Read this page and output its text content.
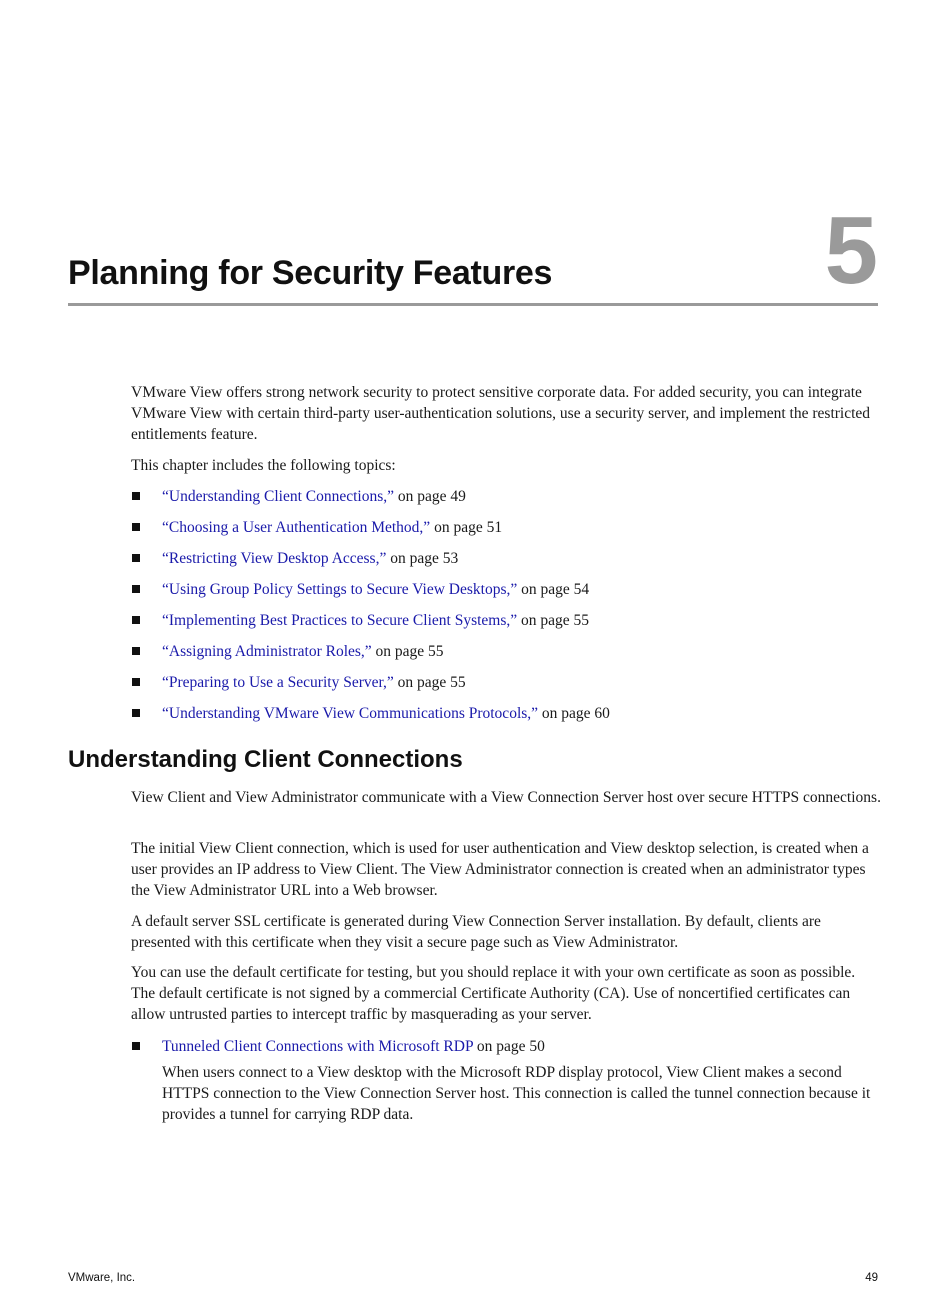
Planning for Security Features	5

VMware View offers strong network security to protect sensitive corporate data. For added security, you can integrate VMware View with certain third-party user-authentication solutions, use a security server, and implement the restricted entitlements feature.

This chapter includes the following topics:

“Understanding Client Connections,” on page 49
“Choosing a User Authentication Method,” on page 51
“Restricting View Desktop Access,” on page 53
“Using Group Policy Settings to Secure View Desktops,” on page 54
“Implementing Best Practices to Secure Client Systems,” on page 55
“Assigning Administrator Roles,” on page 55
“Preparing to Use a Security Server,” on page 55
“Understanding VMware View Communications Protocols,” on page 60
Understanding Client Connections

View Client and View Administrator communicate with a View Connection Server host over secure HTTPS connections.

The initial View Client connection, which is used for user authentication and View desktop selection, is created when a user provides an IP address to View Client. The View Administrator connection is created when an administrator types the View Administrator URL into a Web browser.

A default server SSL certificate is generated during View Connection Server installation. By default, clients are presented with this certificate when they visit a secure page such as View Administrator.

You can use the default certificate for testing, but you should replace it with your own certificate as soon as possible. The default certificate is not signed by a commercial Certificate Authority (CA). Use of noncertified certificates can allow untrusted parties to intercept traffic by masquerading as your server.

Tunneled Client Connections with Microsoft RDP on page 50

When users connect to a View desktop with the Microsoft RDP display protocol, View Client makes a second HTTPS connection to the View Connection Server host. This connection is called the tunnel connection because it provides a tunnel for carrying RDP data.

VMware, Inc.	49
